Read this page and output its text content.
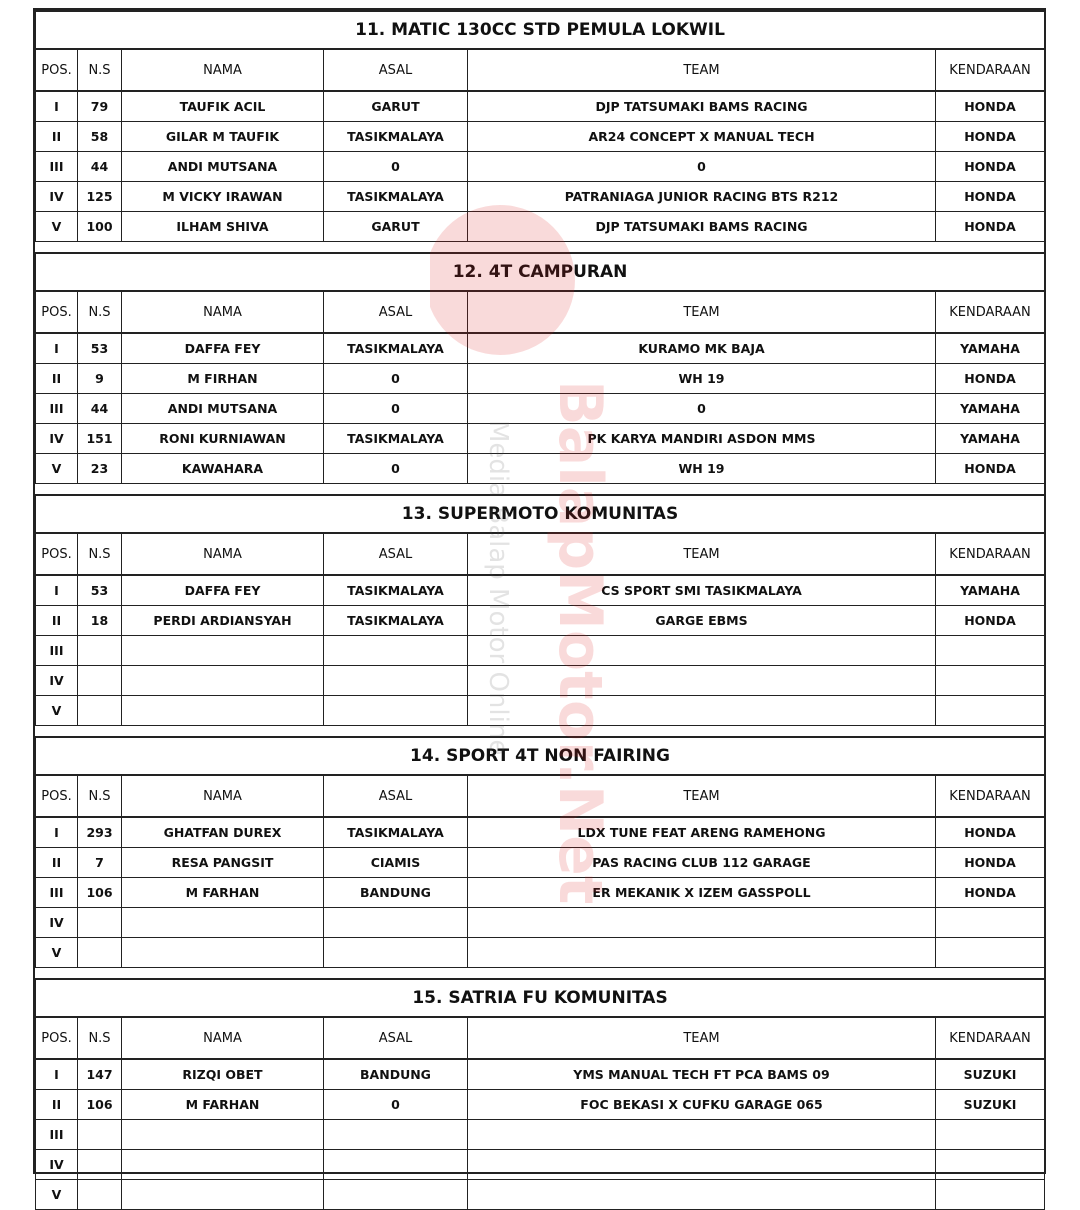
11. MATIC 130CC STD PEMULA LOKWIL					
POS.	N.S	NAMA	ASAL	TEAM	KENDARAAN
I	79	TAUFIK ACIL	GARUT	DJP TATSUMAKI BAMS RACING	HONDA
II	58	GILAR M TAUFIK	TASIKMALAYA	AR24 CONCEPT X MANUAL TECH	HONDA
III	44	ANDI MUTSANA	0	0	HONDA
IV	125	M VICKY IRAWAN	TASIKMALAYA	PATRANIAGA JUNIOR RACING BTS R212	HONDA
V	100	ILHAM SHIVA	GARUT	DJP TATSUMAKI BAMS RACING	HONDA
12. 4T CAMPURAN					
POS.	N.S	NAMA	ASAL	TEAM	KENDARAAN
I	53	DAFFA FEY	TASIKMALAYA	KURAMO MK BAJA	YAMAHA
II	9	M FIRHAN	0	WH 19	HONDA
III	44	ANDI MUTSANA	0	0	YAMAHA
IV	151	RONI KURNIAWAN	TASIKMALAYA	PK KARYA MANDIRI ASDON MMS	YAMAHA
V	23	KAWAHARA	0	WH 19	HONDA
13. SUPERMOTO KOMUNITAS					
POS.	N.S	NAMA	ASAL	TEAM	KENDARAAN
I	53	DAFFA FEY	TASIKMALAYA	CS SPORT SMI TASIKMALAYA	YAMAHA
II	18	PERDI ARDIANSYAH	TASIKMALAYA	GARGE EBMS	HONDA
III					
IV					
V					
14. SPORT 4T NON FAIRING					
POS.	N.S	NAMA	ASAL	TEAM	KENDARAAN
I	293	GHATFAN DUREX	TASIKMALAYA	LDX TUNE FEAT ARENG RAMEHONG	HONDA
II	7	RESA PANGSIT	CIAMIS	PAS RACING CLUB 112 GARAGE	HONDA
III	106	M FARHAN	BANDUNG	ER MEKANIK X IZEM GASSPOLL	HONDA
IV					
V					
15. SATRIA FU KOMUNITAS					
POS.	N.S	NAMA	ASAL	TEAM	KENDARAAN
I	147	RIZQI OBET	BANDUNG	YMS MANUAL TECH FT PCA BAMS 09	SUZUKI
II	106	M FARHAN	0	FOC BEKASI X CUFKU GARAGE 065	SUZUKI
III					
IV					
V					
